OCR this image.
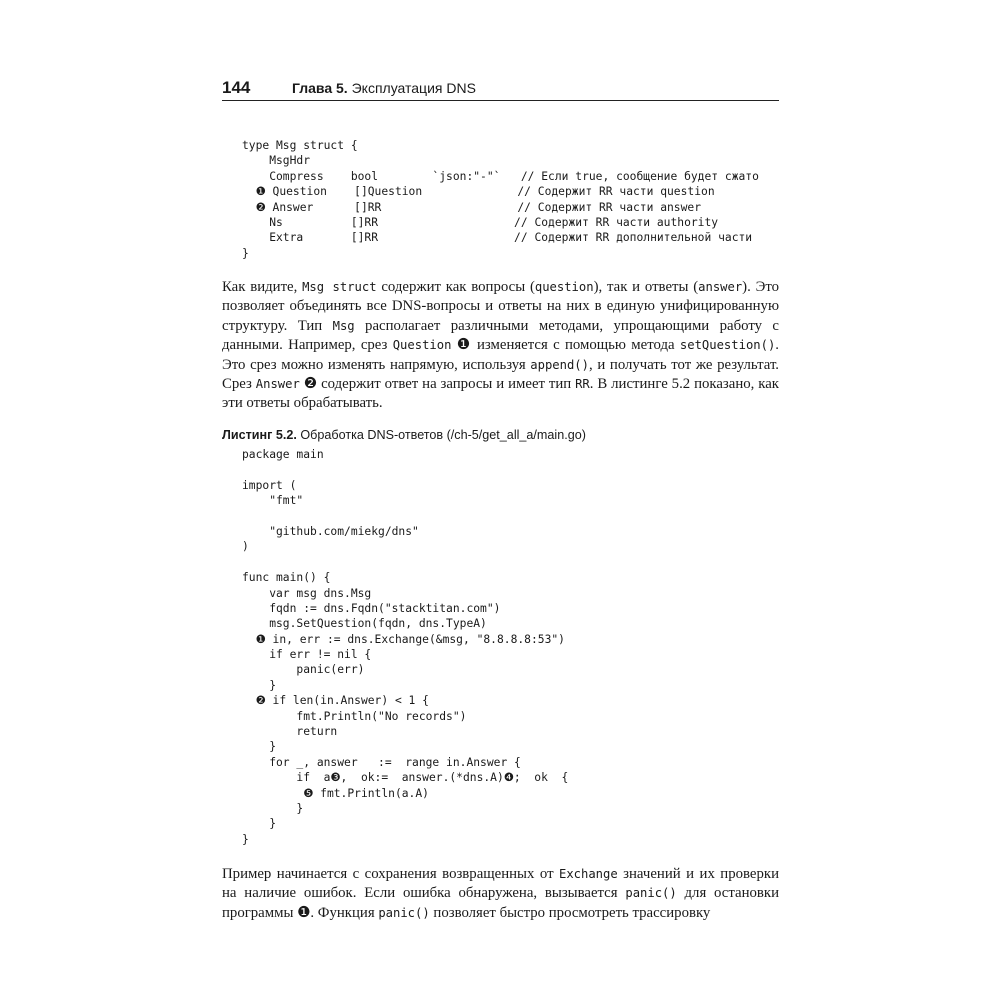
144	Глава 5. Эксплуатация DNS
type Msg struct {
MsgHdr
Compress    bool        `json:"-"`   // Если true, сообщение будет сжато
❶ Question    []Question              // Содержит RR части question
❷ Answer      []RR                    // Содержит RR части answer
Ns          []RR                    // Содержит RR части authority
Extra       []RR                    // Содержит RR дополнительной части
}

Как видите, Msg struct содержит как вопросы (question), так и ответы (answer). Это позволяет объединять все DNS-вопросы и ответы на них в единую унифицированную структуру. Тип Msg располагает различными методами, упрощающими работу с данными. Например, срез Question ❶ изменяется с помощью метода setQuestion(). Это срез можно изменять напрямую, используя append(), и получать тот же результат. Срез Answer ❷ содержит ответ на запросы и имеет тип RR. В листинге 5.2 показано, как эти ответы обрабатывать.

Листинг 5.2. Обработка DNS-ответов (/ch-5/get_all_a/main.go)
package main
import (
"fmt"
"github.com/miekg/dns"
)
func main() {
var msg dns.Msg
fqdn := dns.Fqdn("stacktitan.com")
msg.SetQuestion(fqdn, dns.TypeA)
❶ in, err := dns.Exchange(&msg, "8.8.8.8:53")
if err != nil {
panic(err)
}
❷ if len(in.Answer) < 1 {
fmt.Println("No records")
return
}
for _, answer   :=  range in.Answer {
if  a❸,  ok:=  answer.(*dns.A)❹;  ok  {
❺ fmt.Println(a.A)
}
}
}

Пример начинается с сохранения возвращенных от Exchange значений и их проверки на наличие ошибок. Если ошибка обнаружена, вызывается panic() для остановки программы ❶. Функция panic() позволяет быстро просмотреть трассировку
